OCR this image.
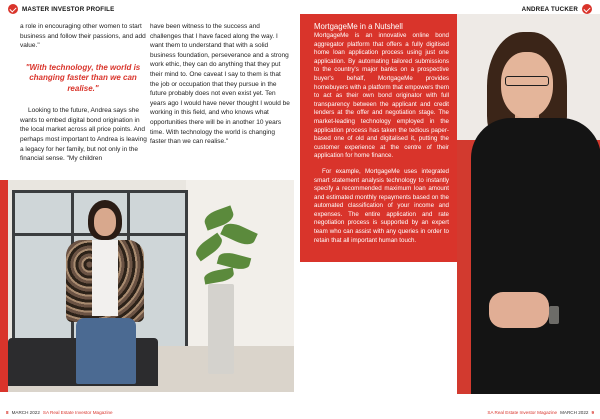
MASTER INVESTOR PROFILE

a role in encouraging other women to start business and follow their passions, and add value."

"With technology, the world is changing faster than we can realise."

Looking to the future, Andrea says she wants to embed digital bond origination in the local market across all price points. And perhaps most important to Andrea is leaving a legacy for her family, but not only in the financial sense. "My children

have been witness to the success and challenges that I have faced along the way. I want them to understand that with a solid business foundation, perseverance and a strong work ethic, they can do anything that they put their mind to. One caveat I say to them is that the job or occupation that they pursue in the future probably does not even exist yet. Ten years ago I would have never thought I would be working in this field, and who knows what opportunities there will be in another 10 years time. With technology the world is changing faster than we can realise."

8 MARCH 2022 SA Real Estate Investor Magazine
ANDREA TUCKER
MortgageMe in a Nutshell

MortgageMe is an innovative online bond aggregator platform that offers a fully digitised home loan application process using just one application. By automating tailored submissions to the country's major banks on a prospective buyer's behalf, MortgageMe provides homebuyers with a platform that empowers them to act as their own bond originator with full transparency between the applicant and credit lenders at the offer and negotiation stage. The market-leading technology employed in the application process has taken the tedious paper-based one of old and digitalised it, putting the customer experience at the centre of their application for home finance.

For example, MortgageMe uses integrated smart statement analysis technology to instantly specify a recommended maximum loan amount and estimated monthly repayments based on the automated classification of your income and expenses. The entire application and rate negotiation process is supported by an expert team who can assist with any queries in order to retain that all important human touch.

SA Real Estate Investor Magazine MARCH 2022 9
